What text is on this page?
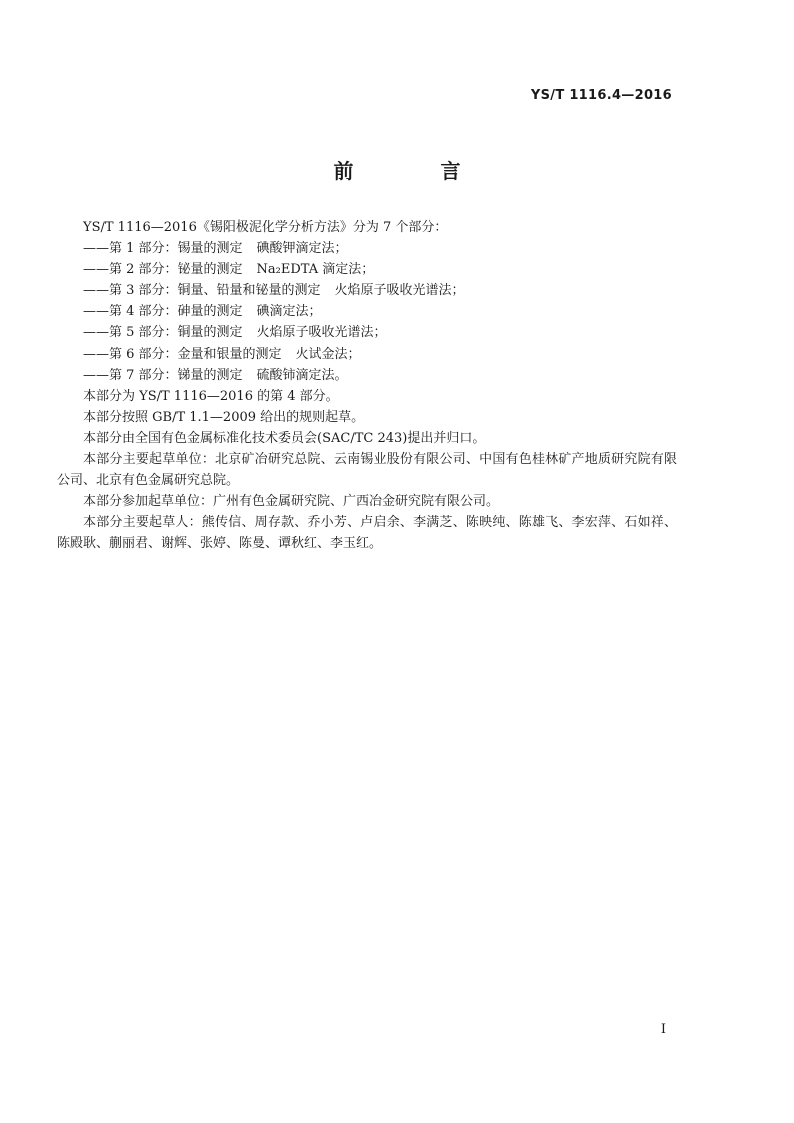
YS/T 1116.4—2016
前 言

YS/T 1116—2016《锡阳极泥化学分析方法》分为 7 个部分：

——第 1 部分：锡量的测定 碘酸钾滴定法；

——第 2 部分：铋量的测定 Na₂EDTA 滴定法；

——第 3 部分：铜量、铅量和铋量的测定 火焰原子吸收光谱法；

——第 4 部分：砷量的测定 碘滴定法；

——第 5 部分：铜量的测定 火焰原子吸收光谱法；

——第 6 部分：金量和银量的测定 火试金法；

——第 7 部分：锑量的测定 硫酸铈滴定法。

本部分为 YS/T 1116—2016 的第 4 部分。

本部分按照 GB/T 1.1—2009 给出的规则起草。

本部分由全国有色金属标准化技术委员会(SAC/TC 243)提出并归口。

本部分主要起草单位：北京矿冶研究总院、云南锡业股份有限公司、中国有色桂林矿产地质研究院有限公司、北京有色金属研究总院。

本部分参加起草单位：广州有色金属研究院、广西冶金研究院有限公司。

本部分主要起草人：熊传信、周存款、乔小芳、卢启余、李满芝、陈映纯、陈雄飞、李宏萍、石如祥、陈殿耿、蒯丽君、谢辉、张婷、陈曼、谭秋红、李玉红。

I
